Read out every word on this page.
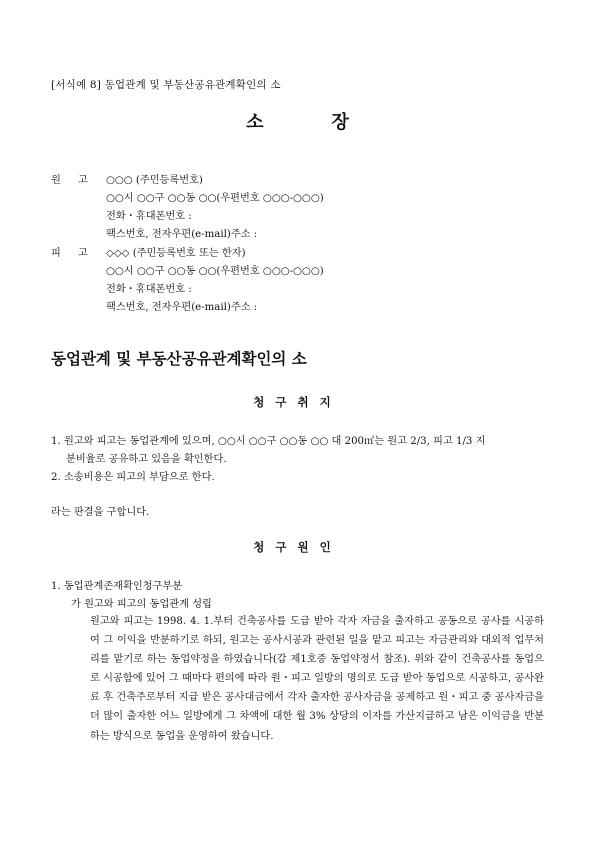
[서식예 8] 동업관계 및 부동산공유관계확인의 소
소	장
원 고 ○○○ (주민등록번호)
○○시 ○○구 ○○동 ○○(우편번호 ○○○-○○○)
전화・휴대폰번호 :
팩스번호, 전자우편(e-mail)주소 :
피 고 ◇◇◇ (주민등록번호 또는 한자)
○○시 ○○구 ○○동 ○○(우편번호 ○○○-○○○)
전화・휴대폰번호 :
팩스번호, 전자우편(e-mail)주소 :
동업관계 및 부동산공유관계확인의 소
청구취지
1. 원고와 피고는 동업관계에 있으며, ○○시 ○○구 ○○동 ○○ 대 200㎡는 원고 2/3, 피고 1/3 지
분비율로 공유하고 있음을 확인한다.
2. 소송비용은 피고의 부담으로 한다.
라는 판결을 구합니다.
청구원인
1. 동업관계존재확인청구부분
가 원고와 피고의 동업관계 성립
원고와 피고는 1998. 4. 1.부터 건축공사를 도급 받아 각자 자금을 출자하고 공동으로 공사를 시공하여 그 이익을 반분하기로 하되, 원고는 공사시공과 관련된 일을 맡고 피고는 자금관리와 대외적 업무처리를 맡기로 하는 동업약정을 하였습니다(갑 제1호증 동업약정서 참조). 위와 같이 건축공사를 동업으로 시공함에 있어 그 때마다 편의에 따라 원・피고 일방의 명의로 도급 받아 동업으로 시공하고, 공사완료 후 건축주로부터 지급 받은 공사대금에서 각자 출자한 공사자금을 공제하고 원・피고 중 공사자금을 더 많이 출자한 어느 일방에게 그 차액에 대한 월 3% 상당의 이자를 가산지급하고 남은 이익금을 반분하는 방식으로 동업을 운영하여 왔습니다.
